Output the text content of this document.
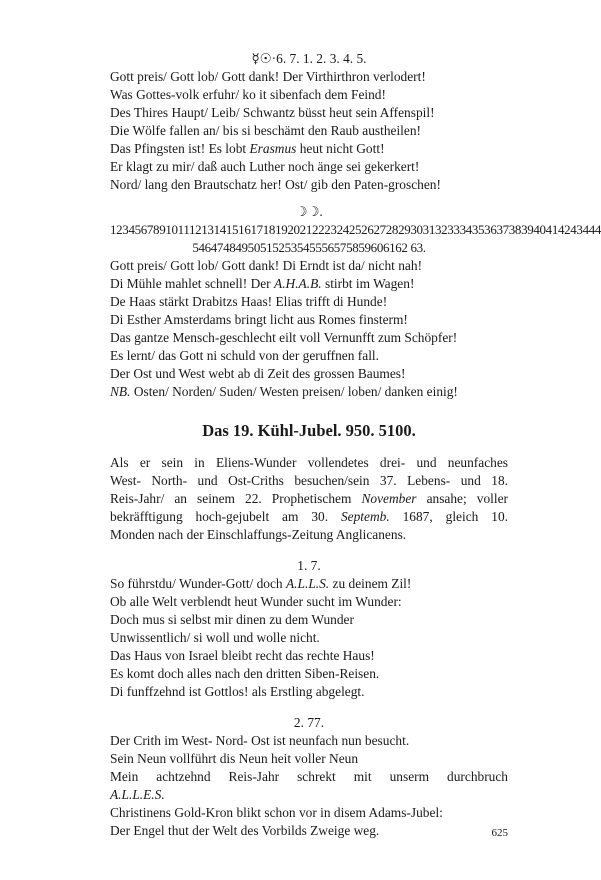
☿☉·6. 7. 1. 2. 3. 4. 5.
Gott preis/ Gott lob/ Gott dank! Der Virthirthron verlodert!
Was Gottes-volk erfuhr/ ko it sibenfach dem Feind!
Des Thires Haupt/ Leib/ Schwantz büsst heut sein Affenspil!
Die Wölfe fallen an/ bis si beschämt den Raub austheilen!
Das Pfingsten ist! Es lobt Erasmus heut nicht Gott!
Er klagt zu mir/ daß auch Luther noch änge sei gekerkert!
Nord/ lang den Brautschatz her! Ost/ gib den Paten-groschen!
☽☽.
12345678910111213141516171819202122232425262728293031323334353637383940414243444
54647484950515253545556575859606162 63.
Gott preis/ Gott lob/ Gott dank! Di Erndt ist da/ nicht nah!
Di Mühle mahlet schnell! Der A.H.A.B. stirbt im Wagen!
De Haas stärkt Drabitzs Haas! Elias trifft di Hunde!
Di Esther Amsterdams bringt licht aus Romes finsterm!
Das gantze Mensch-geschlecht eilt voll Vernunfft zum Schöpfer!
Es lernt/ das Gott ni schuld von der geruffnen fall.
Der Ost und West webt ab di Zeit des grossen Baumes!
NB. Osten/ Norden/ Suden/ Westen preisen/ loben/ danken einig!
Das 19. Kühl-Jubel. 950. 5100.
Als er sein in Eliens-Wunder vollendetes drei- und neunfaches
West- North- und Ost-Criths besuchen/sein 37. Lebens- und 18.
Reis-Jahr/ an seinem 22. Prophetischem November ansahe; voller
bekräfftigung hoch-gejubelt am 30. Septemb. 1687, gleich 10.
Monden nach der Einschlaffungs-Zeitung Anglicanens.
1. 7.
So führstdu/ Wunder-Gott/ doch A.L.L.S. zu deinem Zil!
Ob alle Welt verblendt heut Wunder sucht im Wunder:
Doch mus si selbst mir dinen zu dem Wunder
Unwissentlich/ si woll und wolle nicht.
Das Haus von Israel bleibt recht das rechte Haus!
Es komt doch alles nach den dritten Siben-Reisen.
Di funffzehnd ist Gottlos! als Erstling abgelegt.
2. 77.
Der Crith im West- Nord- Ost ist neunfach nun besucht.
Sein Neun vollführt dis Neun heit voller Neun
Mein achtzehnd Reis-Jahr schrekt mit unserm durchbruch
A.L.L.E.S.
Christinens Gold-Kron blikt schon vor in disem Adams-Jubel:
Der Engel thut der Welt des Vorbilds Zweige weg.	625
